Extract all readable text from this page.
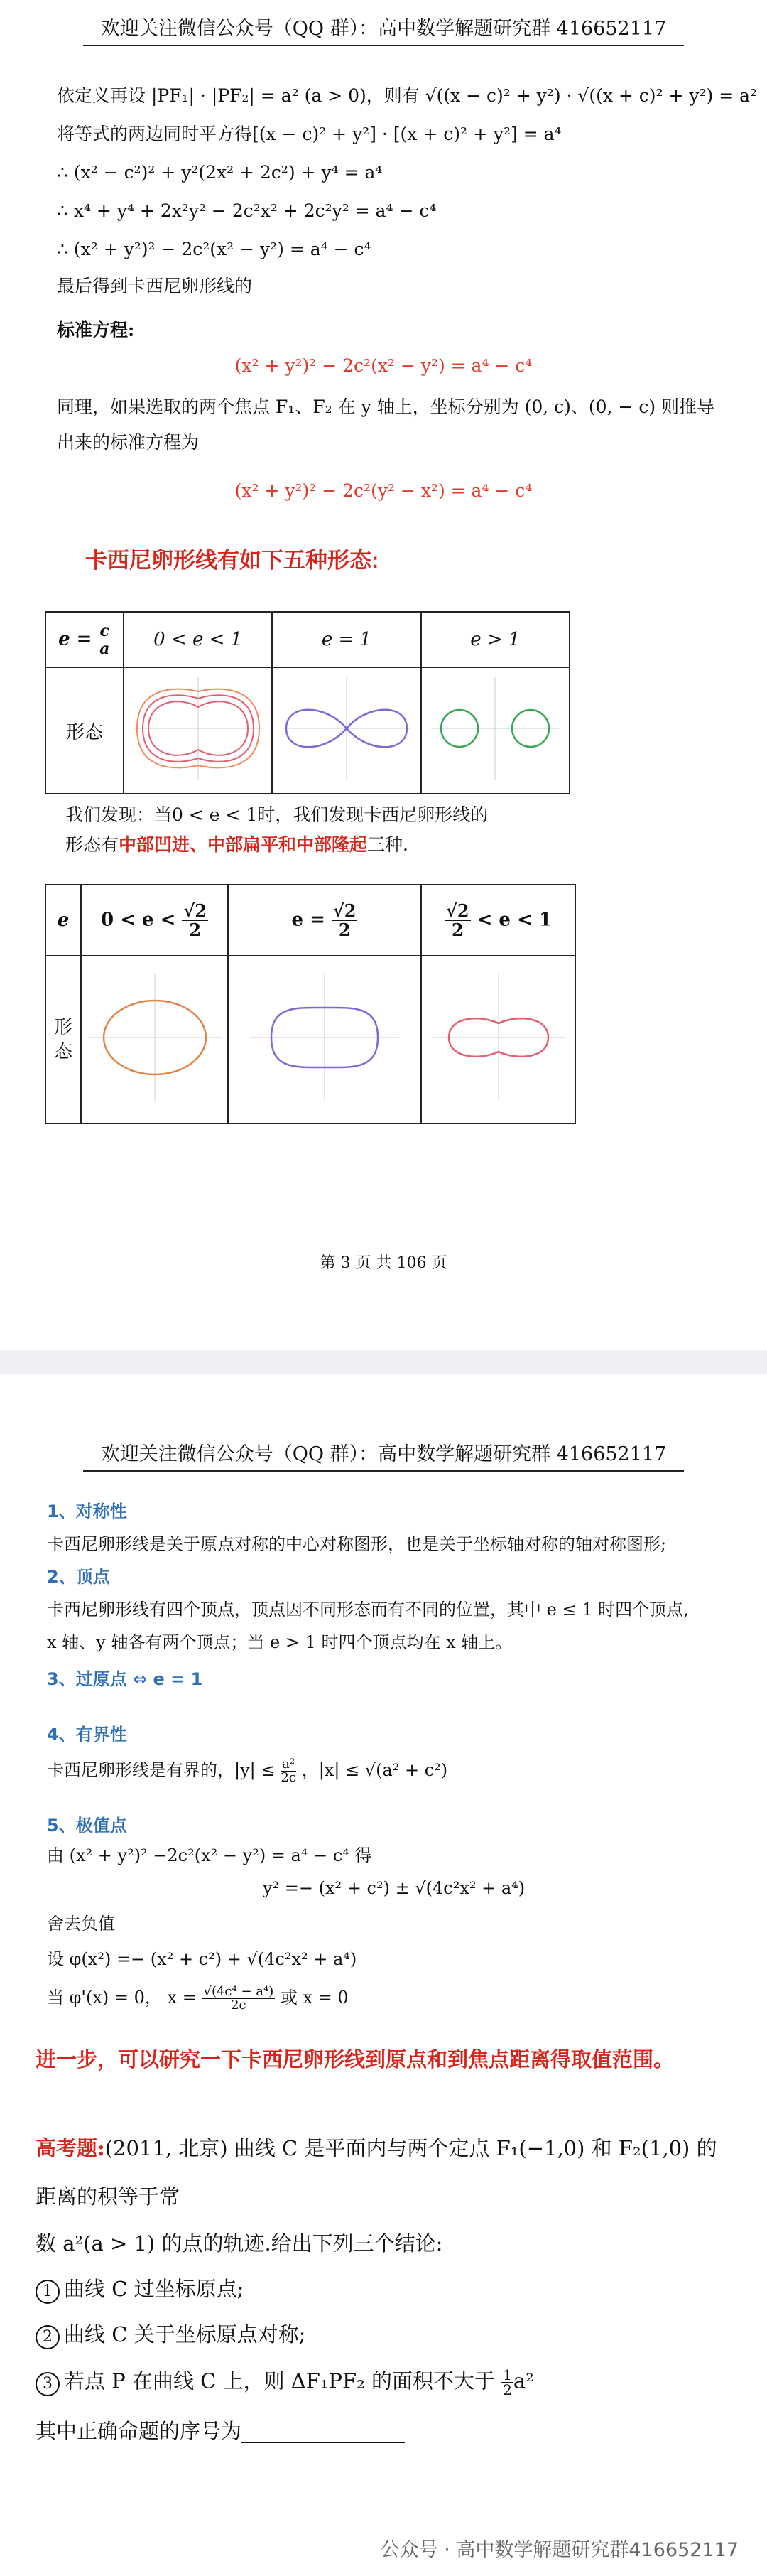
欢迎关注微信公众号（QQ 群）：高中数学解题研究群 416652117
依定义再设 |PF₁| · |PF₂| = a² (a > 0)，则有 √((x − c)² + y²) · √((x + c)² + y²) = a²
将等式的两边同时平方得[(x − c)² + y²] · [(x + c)² + y²] = a⁴
∴ (x² − c²)² + y²(2x² + 2c²) + y⁴ = a⁴
∴ x⁴ + y⁴ + 2x²y² − 2c²x² + 2c²y² = a⁴ − c⁴
∴ (x² + y²)² − 2c²(x² − y²) = a⁴ − c⁴
最后得到卡西尼卵形线的
标准方程:
(x² + y²)² − 2c²(x² − y²) = a⁴ − c⁴
同理，如果选取的两个焦点 F₁、F₂ 在 y 轴上，坐标分别为 (0, c)、(0, − c) 则推导
出来的标准方程为
(x² + y²)² − 2c²(y² − x²) = a⁴ − c⁴
卡西尼卵形线有如下五种形态:
$e = \frac{c}{a}$	0 < e < 1	e = 1	e > 1
形态			
我们发现：当0 < e < 1时，我们发现卡西尼卵形线的
形态有中部凹进、中部扁平和中部隆起三种.
e	$0 < e < \frac{√2}{2}$	$e = \frac{√2}{2}$	$\frac{√2}{2} < e < 1$
形
态			
第 3 页 共 106 页
欢迎关注微信公众号（QQ 群）：高中数学解题研究群 416652117
1、对称性
卡西尼卵形线是关于原点对称的中心对称图形，也是关于坐标轴对称的轴对称图形;
2、顶点
卡西尼卵形线有四个顶点，顶点因不同形态而有不同的位置，其中 e ≤ 1 时四个顶点,
x 轴、y 轴各有两个顶点；当 e > 1 时四个顶点均在 x 轴上。
3、过原点 ⇔ e = 1
4、有界性
卡西尼卵形线是有界的，$|y| \le \frac{\text{a²}}{2c}$ ，|x| ≤ √(a² + c²)
5、极值点
由 (x² + y²)² −2c²(x² − y²) = a⁴ − c⁴ 得
y² =− (x² + c²) ± √(4c²x² + a⁴)
舍去负值
设 φ(x²) =− (x² + c²) + √(4c²x² + a⁴)
当 φ'(x) = 0， $x = \frac{\text{√(4c⁴ − a⁴)}}{2c}$ 或 x = 0
进一步，可以研究一下卡西尼卵形线到原点和到焦点距离得取值范围。
高考题:(2011, 北京) 曲线 C 是平面内与两个定点 F₁(−1,0) 和 F₂(1,0) 的
距离的积等于常
数 a²(a > 1) 的点的轨迹.给出下列三个结论:
1 曲线 C 过坐标原点;
2 曲线 C 关于坐标原点对称;
3 若点 P 在曲线 C 上，则 ΔF₁PF₂ 的面积不大于 $\frac{1}{2} a^2$
其中正确命题的序号为
公众号 · 高中数学解题研究群416652117
